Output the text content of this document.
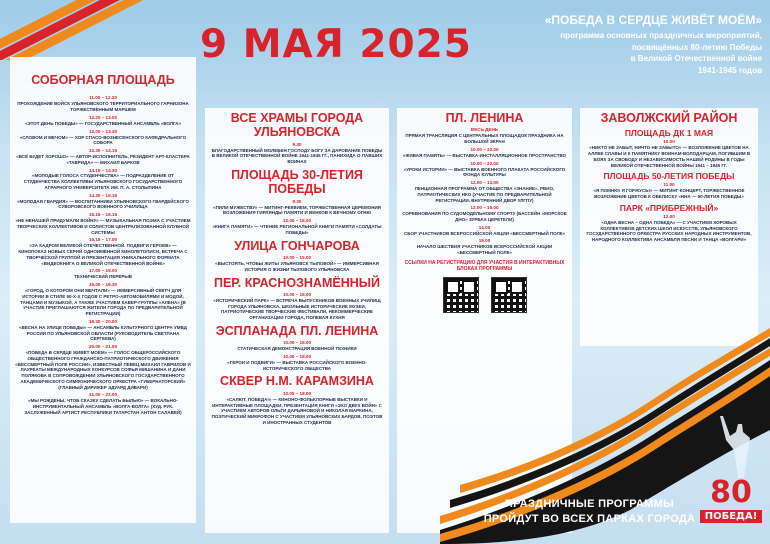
9 МАЯ 2025
«ПОБЕДА В СЕРДЦЕ ЖИВЁТ МОЁМ»
программа основных праздничных мероприятий,
посвящённых 80-летию Победы
в Великой Отечественной войне
1941-1945 годов
СОБОРНАЯ ПЛОЩАДЬ
11.00 – 12.20
ПРОХОЖДЕНИЕ ВОЙСК УЛЬЯНОВСКОГО ТЕРРИТОРИАЛЬНОГО ГАРНИЗОНА ТОРЖЕСТВЕННЫМ МАРШЕМ
12.20 – 13.00
«ЭТОТ ДЕНЬ ПОБЕДЫ» — ГОСУДАРСТВЕННЫЙ АНСАМБЛЬ «ВОЛГА»
13.00 – 13.30
«СЛОВОМ И МЕЧОМ» — ХОР СПАСО-ВОЗНЕСЕНСКОГО КАФЕДРАЛЬНОГО СОБОРА
13.30 – 14.15
«ВСЁ БУДЕТ ХОРОШО» — АВТОР-ИСПОЛНИТЕЛЬ, РЕЗИДЕНТ АРТ-КЛАСТЕРА «ТАВРИДА» — МИХАИЛ БАРКОВ
14.15 – 14.30
«МОЛОДЫЕ ГОЛОСА СТУДЕНЧЕСТВА» — ПОДРАЗДЕЛЕНИЕ ОТ СТУДЕНЧЕСТВА КОЛЛЕКТИВЫ УЛЬЯНОВСКОГО ГОСУДАРСТВЕННОГО АГРАРНОГО УНИВЕРСИТЕТА ИМ. П. А. СТОЛЫПИНА
14.30 – 15.15
«МОЛОДАЯ ГВАРДИЯ» — ВОСПИТАННИКИ УЛЬЯНОВСКОГО ГВАРДЕЙСКОГО СУВОРОВСКОГО ВОЕННОГО УЧИЛИЩА
15.15 – 16.15
«НЕ НЕНАШЕЙ ПРИДУМАЛИ ВОЙНУ» — МУЗЫКАЛЬНАЯ ПОЭМА С УЧАСТИЕМ ТВОРЧЕСКИХ КОЛЛЕКТИВОВ И СОЛИСТОВ ЦЕНТРАЛИЗОВАННОЙ КЛУБНОЙ СИСТЕМЫ
16.15 – 17.00
«ЗА КАДРОМ ВЕЛИКОЙ ОТЕЧЕСТВЕННОЙ. ПОДВИГИ ГЕРОЕВ» — КИНОПОКАЗ НОВЫХ СЕРИЙ ОДНОИМЁННОЙ КИНОЛЕТОПИСИ, ВСТРЕЧА С ТВОРЧЕСКОЙ ГРУППОЙ И ПРЕЗЕНТАЦИЯ УНИКАЛЬНОГО ФОРМАТА «ВИДЕОКНИГА О ВЕЛИКОЙ ОТЕЧЕСТВЕННОЙ ВОЙНЕ»
17.00 – 19.00
ТЕХНИЧЕСКИЙ ПЕРЕРЫВ
19.00 – 19.30
«ГОРОД, О КОТОРОМ ОНИ МЕЧТАЛИ» — ИММЕРСИВНЫЙ СКЕТЧ ДЛЯ ИСТОРИИ В СТИЛЕ 50-Х-Х ГОДОВ С РЕТРО-АВТОМОБИЛЯМИ И МОДОЙ, ТАНЦАМИ И МУЗЫКОЙ, А ТАКЖЕ УЧАСТИЕМ КАВЕР-ГРУППЫ «АЛЕНА» (В УЧАСТИЕ ПРИГЛАШАЮТСЯ ЖИТЕЛИ ГОРОДА ПО ПРЕДВАРИТЕЛЬНОЙ РЕГИСТРАЦИИ)
19.30 – 20.00
«ВЕСНА НА УЛИЦЕ ПОБЕДЫ» — АНСАМБЛЬ КУЛЬТУРНОГО ЦЕНТРА УМВД РОССИИ ПО УЛЬЯНОВСКОЙ ОБЛАСТИ (РУКОВОДИТЕЛЬ СВЕТЛАНА СЕРГЕЕВА)
20.00 – 21.00
«ПОБЕДА В СЕРДЦЕ ЖИВЁТ МОЁМ» — ГОЛОС ОБЩЕРОССИЙСКОГО ОБЩЕСТВЕННОГО ГРАЖДАНСКО-ПАТРИОТИЧЕСКОГО ДВИЖЕНИЯ «БЕССМЕРТНЫЙ ПОЛК РОССИИ», ИЗВЕСТНЫЙ ПЕВЕЦ МИХАИЛ ГАВРИЛОВ И ЛАУРЕАТЫ МЕЖДУНАРОДНЫХ КОНКУРСОВ СОФЬЯ МИШАНИНА И ДАНИ ПОЛЯКОВА В СОПРОВОЖДЕНИИ УЛЬЯНОВСКОГО ГОСУДАРСТВЕННОГО АКАДЕМИЧЕСКОГО СИМФОНИЧЕСКОГО ОРКЕСТРА «ГУБЕРНАТОРСКИЙ» (ГЛАВНЫЙ ДИРИЖЕР ЭДУАРД ДИВАРИ)
21.00 – 22.00
«МЫ РОЖДЕНЫ, ЧТОБ СКАЗКУ СДЕЛАТЬ БЫЛЬЮ» — ВОКАЛЬНО-ИНСТРУМЕНТАЛЬНЫЙ АНСАМБЛЬ «ВОЛГА-ВОЛГА» (ХУД. РУК. ЗАСЛУЖЕННЫЙ АРТИСТ РЕСПУБЛИКИ ТАТАРСТАН АНТОН САЛАВЕЙ)
ВСЕ ХРАМЫ ГОРОДА УЛЬЯНОВСКА
9.30
БЛАГОДАРСТВЕННЫЙ МОЛЕБЕН ГОСПОДУ БОГУ ЗА ДАРОВАНИЕ ПОБЕДЫ В ВЕЛИКОЙ ОТЕЧЕСТВЕННОЙ ВОЙНЕ 1941-1945 ГГ., ПАНИХИДА О ПАВШИХ ВОИНАХ
ПЛОЩАДЬ 30-ЛЕТИЯ ПОБЕДЫ
9.30
«ПИЛИ МУЖЕСТВУ» — МИТИНГ-РЕКВИЕМ, ТОРЖЕСТВЕННАЯ ЦЕРЕМОНИЯ ВОЗЛОЖЕНИЯ ГИРЛЯНДЫ ПАМЯТИ И ВЕНКОВ К ВЕЧНОМУ ОГНЮ
12.00 – 16.00
«КНИГА ПАМЯТИ» — ЧТЕНИЕ РЕГИОНАЛЬНОЙ КНИГИ ПАМЯТИ «СОЛДАТЫ ПОБЕДЫ»
УЛИЦА ГОНЧАРОВА
10.00 – 15.00
«ВЫСТОЯТЬ, ЧТОБЫ ЖИТЬ! УЛЬЯНОВСК ТЫЛОВОЙ» — ИММЕРСИВНАЯ ИСТОРИЯ О ЖИЗНИ ТЫЛОВОГО УЛЬЯНОВСКА
ПЕР. КРАСНОЗНАМЁННЫЙ
10.00 – 18.00
«ИСТОРИЧЕСКИЙ ПАРК» — ВСТРЕЧА ВЫПУСКНИКОВ ВОЕННЫХ УЧИЛИЩ ГОРОДА УЛЬЯНОВСКА, ШКОЛЬНЫЕ ИСТОРИЧЕСКИЕ МУЗЕИ, ПАТРИОТИЧЕСКИЕ ТВОРЧЕСКИЕ ФЕСТИВАЛИ, НЕКОММЕРЧЕСКИЕ ОРГАНИЗАЦИИ ГОРОДА, ПОЛЕВАЯ КУХНЯ
ЭСПЛАНАДА ПЛ. ЛЕНИНА
10.00 – 18.00
СТАТИЧЕСКАЯ ДЕМОНСТРАЦИЯ ВОЕННОЙ ТЕХНИКИ
10.00 – 18.00
«ГЕРОИ И ПОДВИГИ» — ВЫСТАВКА РОССИЙСКОГО ВОЕННО-ИСТОРИЧЕСКОГО ОБЩЕСТВА
СКВЕР Н.М. КАРАМЗИНА
10.00 – 18.00
«САЛЮТ, ПОБЕДА!» — КИНОНО-ФОЛЬКЛОРНЫЕ ВЫСТАВКИ И ИНТЕРАКТИВНЫЕ ПЛОЩАДКИ, ПРЕЗЕНТАЦИЯ КНИГИ «ЭХО ДВУХ ВОЙН» С УЧАСТИЕМ АВТОРОВ ОЛЬГИ ДАРЬЯНОВОЙ И НИКОЛАЯ МАРКИНА, ПОЭТИЧЕСКИЙ МИКРОФОН С УЧАСТИЕМ УЛЬЯНОВСКИХ БАРДОВ, ПОЭТОВ И ИНОСТРАННЫХ СТУДЕНТОВ
ПЛ. ЛЕНИНА
ВЕСЬ ДЕНЬ
ПРЯМАЯ ТРАНСЛЯЦИЯ С ЦЕНТРАЛЬНЫХ ПЛОЩАДОК ПРАЗДНИКА НА БОЛЬШОЙ ЭКРАН
10.00 – 22.00
«ЖИВАЯ ПАМЯТЬ» — ВЫСТАВКА-ИНСТАЛЛЯЦИОННОЕ ПРОСТРАНСТВО
10.00 – 22.00
«УРОКИ ИСТОРИИ» — ВЫСТАВКА ВОЕННОГО ПЛАКАТА РОССИЙСКОГО ФОНДА КУЛЬТУРЫ
12.00 – 13.00
ЛЕНЦИОННАЯ ПРОГРАММА ОТ ОБЩЕСТВА «ЗНАНИЕ», РВИО, ПАТРИОТИЧЕСКИХ НКО (УЧАСТИЕ ПО ПРЕДВАРИТЕЛЬНОЙ РЕГИСТРАЦИИ, ВНУТРЕННИЙ ДВОР УЛГПУ)
12.00 – 15.00
СОРЕВНОВАНИЯ ПО СУДОМОДЕЛЬНОМУ СПОРТУ (БАССЕЙН «МОРСКОЕ ДНО» ЗУРБАХ ЦЕРЕТЕЛИ)
14.00
СБОР УЧАСТНИКОВ ВСЕРОССИЙСКОЙ АКЦИИ «БЕССМЕРТНЫЙ ПОЛК»
15.00
НАЧАЛО ШЕСТВИЯ УЧАСТНИКОВ ВСЕРОССИЙСКОЙ АКЦИИ «БЕССМЕРТНЫЙ ПОЛК»
ССЫЛКИ НА РЕГИСТРАЦИЮ ДЛЯ УЧАСТИЯ В ИНТЕРАКТИВНЫХ БЛОКАХ ПРОГРАММЫ
ЗАВОЛЖСКИЙ РАЙОН
ПЛОЩАДЬ ДК 1 МАЯ
10.00
«НИКТО НЕ ЗАБЫТ, НИЧТО НЕ ЗАБЫТО» — ВОЗЛОЖЕНИЕ ЦВЕТОВ НА АЛЛЕЕ СЛАВЫ И К ПАМЯТНИКУ ВОИНАМ-ВОЛОДАРЦАМ, ПОГИБШИМ В БОЯХ ЗА СВОБОДУ И НЕЗАВИСИМОСТЬ НАШЕЙ РОДИНЫ В ГОДЫ ВЕЛИКОЙ ОТЕЧЕСТВЕННОЙ ВОЙНЫ 1941 – 1945 ГГ.
ПЛОЩАДЬ 50-ЛЕТИЯ ПОБЕДЫ
11.00
«Я ПОМНЮ! Я ГОРЖУСЬ!» — МИТИНГ-КОНЦЕРТ, ТОРЖЕСТВЕННОЕ ВОЗЛОЖЕНИЕ ЦВЕТОВ К ОБЕЛИСКУ «ННА — 50-ЛЕТИЯ ПОБЕДЫ»
ПАРК «ПРИБРЕЖНЫЙ»
12.00
«ОДНА ВЕСНА – ОДНА ПОБЕДА» — С УЧАСТИЕМ ХОРОВЫХ КОЛЛЕКТИВОВ ДЕТСКИХ ШКОЛ ИСКУССТВ, УЛЬЯНОВСКОГО ГОСУДАРСТВЕННОГО ОРКЕСТРА РУССКИХ НАРОДНЫХ ИНСТРУМЕНТОВ, НАРОДНОГО КОЛЛЕКТИВА АНСАМБЛЯ ПЕСНИ И ТАНЦА «ВОЛГАРИ»
ПРАЗДНИЧНЫЕ ПРОГРАММЫ
ПРОЙДУТ ВО ВСЕХ ПАРКАХ ГОРОДА
80
ПОБЕДА!
